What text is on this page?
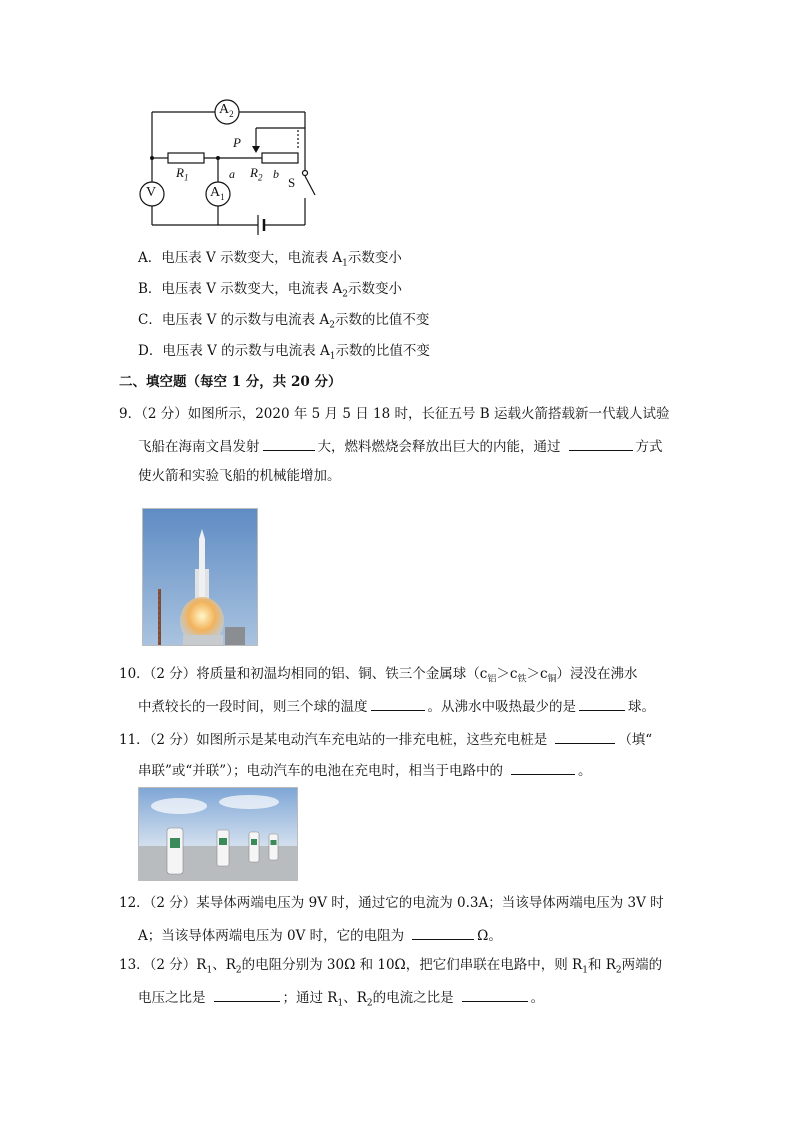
$A_2$
V	$A_1$
$R_1$	$R_2$
P
a	b
S
A．电压表 V 示数变大，电流表 $A_1$示数变小
B．电压表 V 示数变大，电流表 $A_2$示数变小
C．电压表 V 的示数与电流表 $A_2$示数的比值不变
D．电压表 V 的示数与电流表 $A_1$示数的比值不变
二、填空题（每空 1 分，共 20 分）
9．（2 分）如图所示，2020 年 5 月 5 日 18 时，长征五号 B 运载火箭搭载新一代载人试验
飞船在海南文昌发射	大，燃料燃烧会释放出巨大的内能，通过	方式
使火箭和实验飞船的机械能增加。
10．（2 分）将质量和初温均相同的铝、铜、铁三个金属球$(c_铝>c_铁>c_铜)$浸没在沸水
中煮较长的一段时间，则三个球的温度	。从沸水中吸热最少的是	球。
11．（2 分）如图所示是某电动汽车充电站的一排充电桩，这些充电桩是	（填“
串联”或“并联”）；电动汽车的电池在充电时，相当于电路中的	。
12．（2 分）某导体两端电压为 9V 时，通过它的电流为 0.3A；当该导体两端电压为 3V 时
A；当该导体两端电压为 0V 时，它的电阻为	Ω。
13．（2 分）$R_1$、$R_2$的电阻分别为 30Ω 和 10Ω，把它们串联在电路中，则 $R_1$和 $R_2$两端的
电压之比是	；通过 $R_1$、$R_2$的电流之比是	。
